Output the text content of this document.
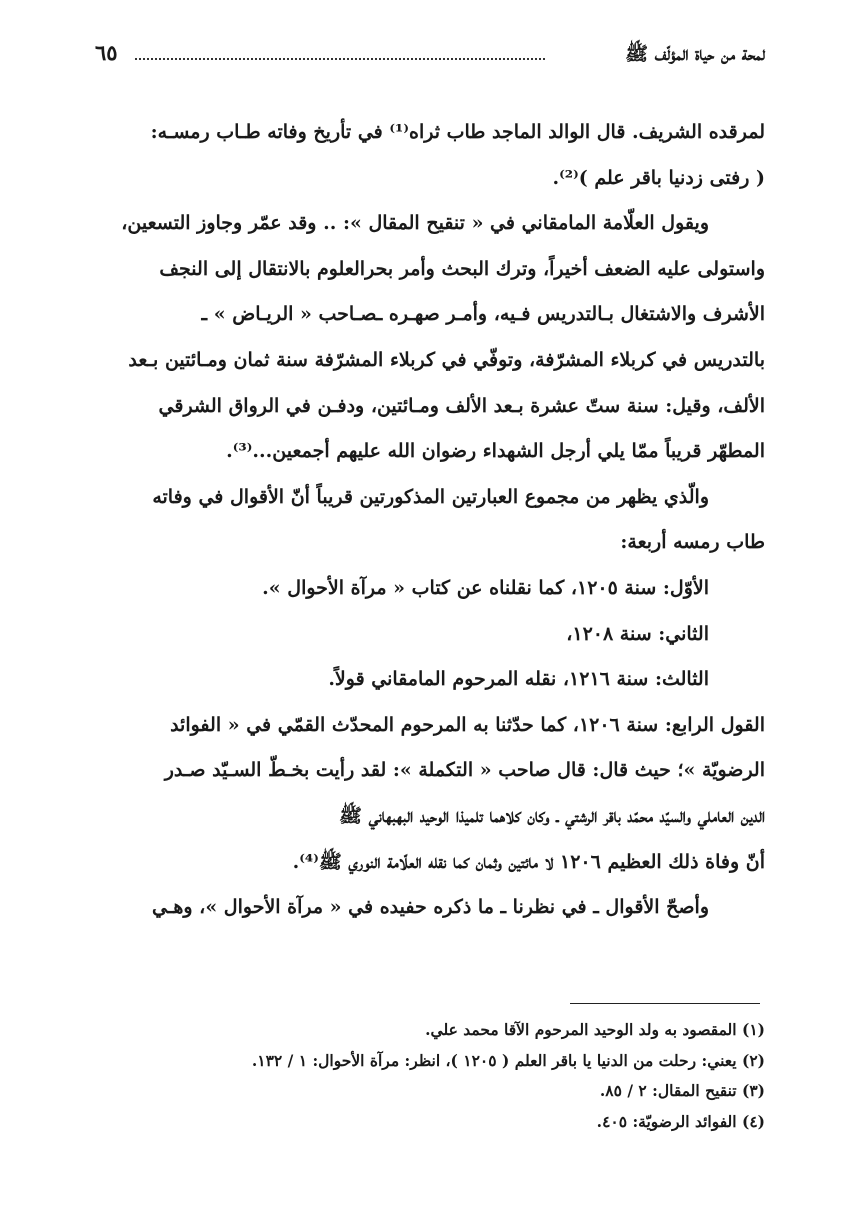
لمحة من حياة المؤلّف ﷺ
٦٥

لمرقده الشريف. قال الوالد الماجد طاب ثراه⁽¹⁾ في تأريخ وفاته طـاب رمسـه:

( رفتى زدنيا باقر علم )⁽²⁾.

ويقول العلّامة المامقاني في « تنقيح المقال »: .. وقد عمّر وجاوز التسعين،

واستولى عليه الضعف أخيراً، وترك البحث وأمر بحرالعلوم بالانتقال إلى النجف

الأشرف والاشتغال بـالتدريس فـيه، وأمـر صهـره ـصـاحب « الريـاض » ـ

بالتدريس في كربلاء المشرّفة، وتوفّي في كربلاء المشرّفة سنة ثمان ومـائتين بـعد

الألف، وقيل: سنة ستّ عشرة بـعد الألف ومـائتين، ودفـن في الرواق الشرقي

المطهّر قريباً ممّا يلي أرجل الشهداء رضوان الله عليهم أجمعين...⁽³⁾.

والّذي يظهر من مجموع العبارتين المذكورتين قريباً أنّ الأقوال في وفاته

طاب رمسه أربعة:

الأوّل: سنة ١٢٠٥، كما نقلناه عن كتاب « مرآة الأحوال ».

الثاني: سنة ١٢٠٨،

الثالث: سنة ١٢١٦، نقله المرحوم المامقاني قولاً.

القول الرابع: سنة ١٢٠٦، كما حدّثنا به المرحوم المحدّث القمّي في « الفوائد

الرضويّة »؛ حيث قال: قال صاحب « التكملة »: لقد رأيت بخـطّ السـيّد صـدر

الدين العاملي والسيّد محمّد باقر الرشتي ـ وكان كلاهما تلميذا الوحيد البهبهاني ﷺ

أنّ وفاة ذلك العظيم ١٢٠٦ لا مائتين وثمان كما نقله العلّامة النوري ﷺ⁽⁴⁾.

وأصحّ الأقوال ـ في نظرنا ـ ما ذكره حفيده في « مرآة الأحوال »، وهـي

(١) المقصود به ولد الوحيد المرحوم الآقا محمد علي.

(٢) يعني: رحلت من الدنيا يا باقر العلم ( ١٢٠٥ )، انظر: مرآة الأحوال: ١ / ١٣٢.

(٣) تنقيح المقال: ٢ / ٨٥.

(٤) الفوائد الرضويّة: ٤٠٥.
